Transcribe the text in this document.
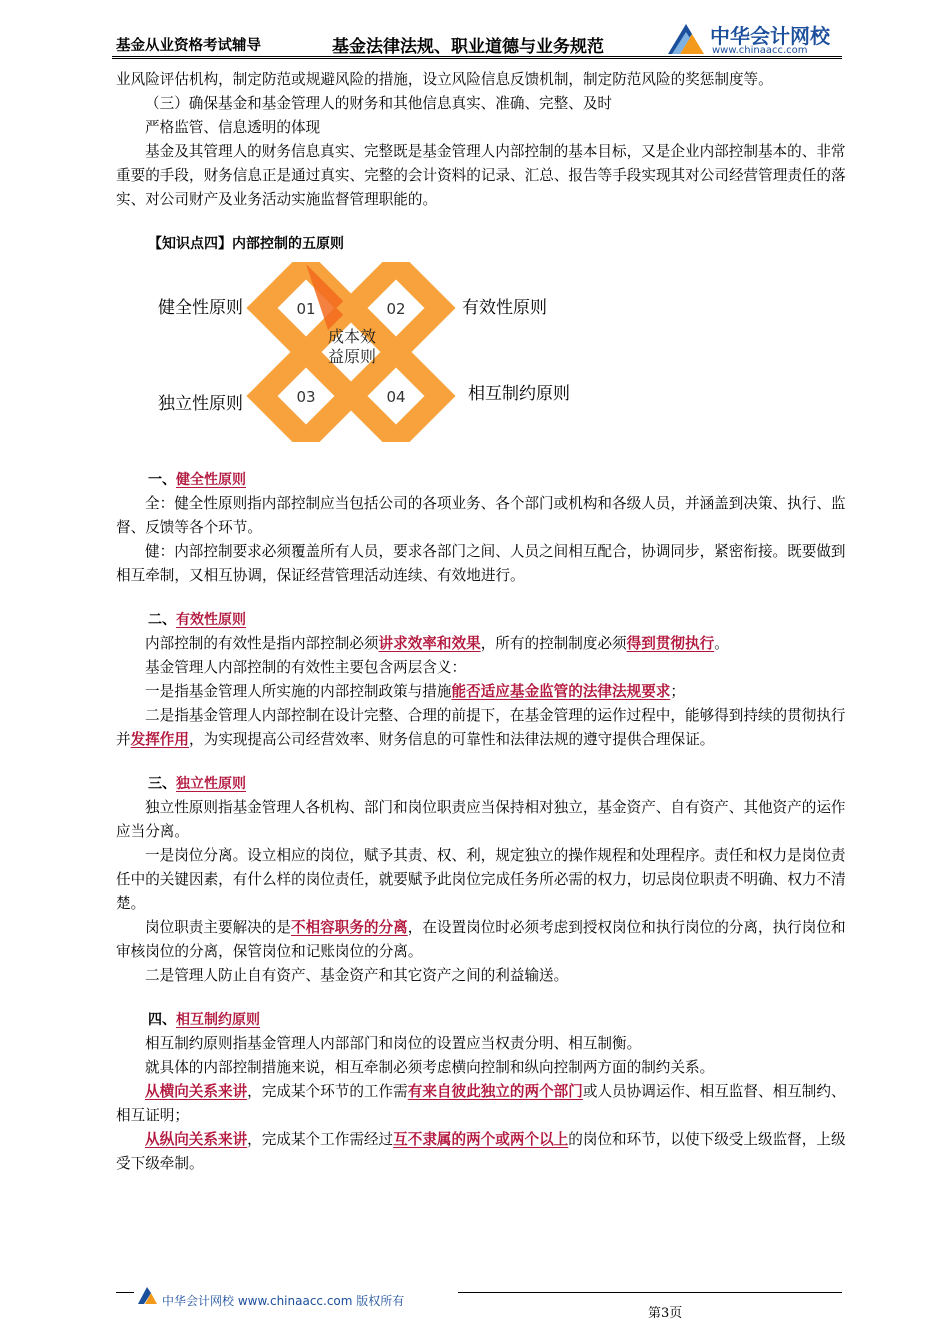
基金从业资格考试辅导	基金法律法规、职业道德与业务规范	中华会计网校
www.chinaacc.com

业风险评估机构，制定防范或规避风险的措施，设立风险信息反馈机制，制定防范风险的奖惩制度等。

（三）确保基金和基金管理人的财务和其他信息真实、准确、完整、及时

严格监管、信息透明的体现

基金及其管理人的财务信息真实、完整既是基金管理人内部控制的基本目标，又是企业内部控制基本的、非常重要的手段，财务信息正是通过真实、完整的会计资料的记录、汇总、报告等手段实现其对公司经营管理责任的落实、对公司财产及业务活动实施监督管理职能的。

【知识点四】内部控制的五原则

01	02
03	04
成本效
益原则
健全性原则	有效性原则
独立性原则	相互制约原则

一、健全性原则

全：健全性原则指内部控制应当包括公司的各项业务、各个部门或机构和各级人员，并涵盖到决策、执行、监督、反馈等各个环节。

健：内部控制要求必须覆盖所有人员，要求各部门之间、人员之间相互配合，协调同步，紧密衔接。既要做到相互牵制，又相互协调，保证经营管理活动连续、有效地进行。

二、有效性原则

内部控制的有效性是指内部控制必须讲求效率和效果，所有的控制制度必须得到贯彻执行。

基金管理人内部控制的有效性主要包含两层含义：

一是指基金管理人所实施的内部控制政策与措施能否适应基金监管的法律法规要求；

二是指基金管理人内部控制在设计完整、合理的前提下，在基金管理的运作过程中，能够得到持续的贯彻执行并发挥作用，为实现提高公司经营效率、财务信息的可靠性和法律法规的遵守提供合理保证。

三、独立性原则

独立性原则指基金管理人各机构、部门和岗位职责应当保持相对独立，基金资产、自有资产、其他资产的运作应当分离。

一是岗位分离。设立相应的岗位，赋予其责、权、利，规定独立的操作规程和处理程序。责任和权力是岗位责任中的关键因素，有什么样的岗位责任，就要赋予此岗位完成任务所必需的权力，切忌岗位职责不明确、权力不清楚。

岗位职责主要解决的是不相容职务的分离，在设置岗位时必须考虑到授权岗位和执行岗位的分离，执行岗位和审核岗位的分离，保管岗位和记账岗位的分离。

二是管理人防止自有资产、基金资产和其它资产之间的利益输送。

四、相互制约原则

相互制约原则指基金管理人内部部门和岗位的设置应当权责分明、相互制衡。

就具体的内部控制措施来说，相互牵制必须考虑横向控制和纵向控制两方面的制约关系。

从横向关系来讲，完成某个环节的工作需有来自彼此独立的两个部门或人员协调运作、相互监督、相互制约、相互证明；

从纵向关系来讲，完成某个工作需经过互不隶属的两个或两个以上的岗位和环节，以使下级受上级监督，上级受下级牵制。

中华会计网校 www.chinaacc.com 版权所有
第3页
